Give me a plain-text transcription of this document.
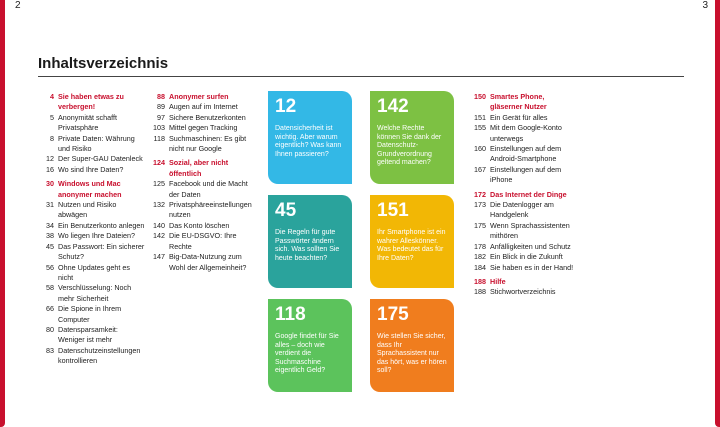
2	3
Inhaltsverzeichnis
4 Sie haben etwas zu verbergen!
5 Anonymität schafft Privatsphäre
8 Private Daten: Währung und Risiko
12 Der Super-GAU Datenleck
16 Wo sind Ihre Daten?
30 Windows und Mac anonymer machen
31 Nutzen und Risiko abwägen
34 Ein Benutzerkonto anlegen
38 Wo liegen Ihre Dateien?
45 Das Passwort: Ein sicherer Schutz?
56 Ohne Updates geht es nicht
58 Verschlüsselung: Noch mehr Sicherheit
66 Die Spione in Ihrem Computer
80 Datensparsamkeit: Weniger ist mehr
83 Datenschutzeinstellungen kontrollieren
88 Anonymer surfen
89 Augen auf im Internet
97 Sichere Benutzerkonten
103 Mittel gegen Tracking
118 Suchmaschinen: Es gibt nicht nur Google
124 Sozial, aber nicht öffentlich
125 Facebook und die Macht der Daten
132 Privatsphäreeinstellungen nutzen
140 Das Konto löschen
142 Die EU-DSGVO: Ihre Rechte
147 Big-Data-Nutzung zum Wohl der Allgemeinheit?
150 Smartes Phone, gläserner Nutzer
151 Ein Gerät für alles
155 Mit dem Google-Konto unterwegs
160 Einstellungen auf dem Android-Smartphone
167 Einstellungen auf dem iPhone
172 Das Internet der Dinge
173 Die Datenlogger am Handgelenk
175 Wenn Sprachassistenten mithören
178 Anfälligkeiten und Schutz
182 Ein Blick in die Zukunft
184 Sie haben es in der Hand!
188 Hilfe
188 Stichwortverzeichnis
12
Datensicherheit ist wichtig. Aber warum eigentlich? Was kann Ihnen passieren?
142
Welche Rechte können Sie dank der Datenschutz-Grundverordnung geltend machen?
45
Die Regeln für gute Passwörter ändern sich. Was sollten Sie heute beachten?
151
Ihr Smartphone ist ein wahrer Alleskönner. Was bedeutet das für Ihre Daten?
118
Google findet für Sie alles – doch wie verdient die Suchmaschine eigentlich Geld?
175
Wie stellen Sie sicher, dass Ihr Sprachassistent nur das hört, was er hören soll?
